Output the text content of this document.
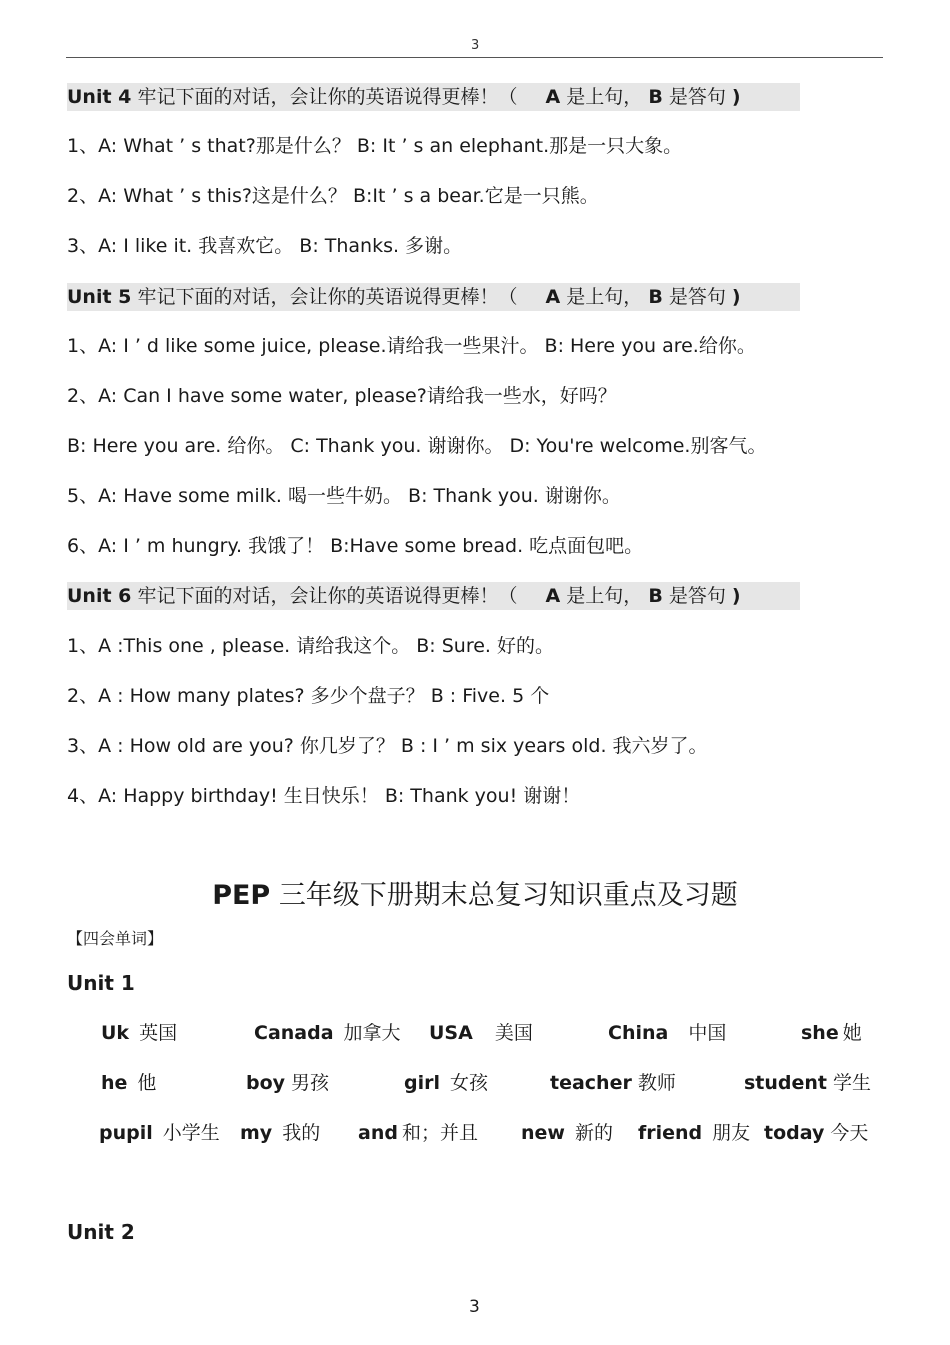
3
Unit 4 牢记下面的对话，会让你的英语说得更棒！（ A 是上句， B 是答句 )
1、A: What ’ s that?那是什么？ B: It ’ s an elephant.那是一只大象。
2、A: What ’ s this?这是什么？ B:It ’ s a bear.它是一只熊。
3、A: I like it. 我喜欢它。 B: Thanks. 多谢。
Unit 5 牢记下面的对话，会让你的英语说得更棒！（ A 是上句， B 是答句 )
1、A: I ’ d like some juice, please.请给我一些果汁。 B: Here you are.给你。
2、A: Can I have some water, please?请给我一些水，好吗？
B: Here you are. 给你。 C: Thank you. 谢谢你。 D: You're welcome.别客气。
5、A: Have some milk. 喝一些牛奶。 B: Thank you. 谢谢你。
6、A: I ’ m hungry. 我饿了！ B:Have some bread. 吃点面包吧。
Unit 6 牢记下面的对话，会让你的英语说得更棒！（ A 是上句， B 是答句 )
1、A :This one , please. 请给我这个。 B: Sure. 好的。
2、A : How many plates? 多少个盘子？ B : Five. 5 个
3、A : How old are you? 你几岁了？ B : I ’ m six years old. 我六岁了。
4、A: Happy birthday! 生日快乐！ B: Thank you! 谢谢！
PEP 三年级下册期末总复习知识重点及习题
【四会单词】
Unit 1
Uk 英国	Canada 加拿大 USA 美国	China 中国	she 她
he 他	boy 男孩	girl 女孩	teacher 教师	student 学生
pupil 小学生 my 我的 and 和；并且 new 新的 friend 朋友 today 今天
Unit 2
3
